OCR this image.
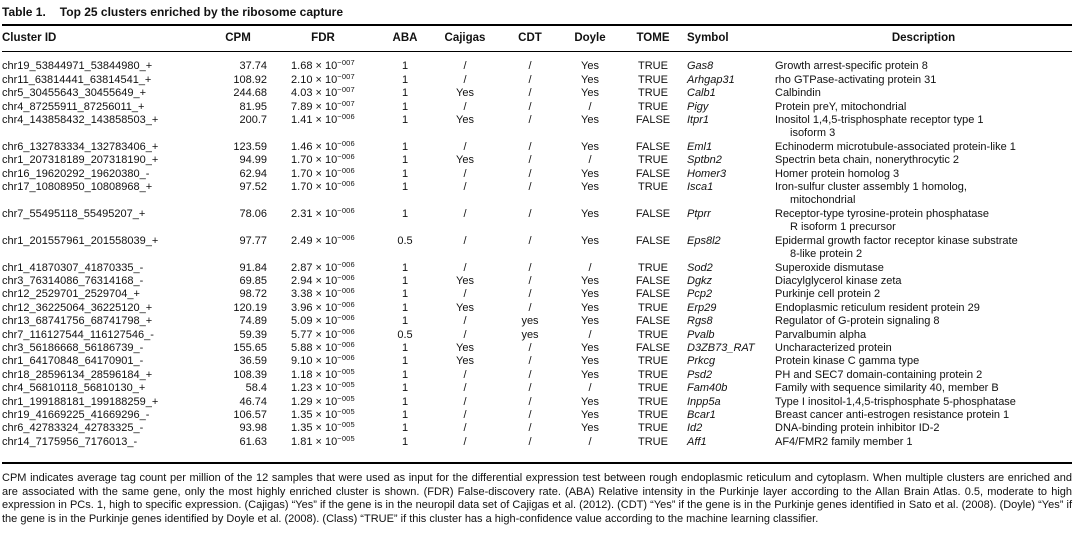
Table 1. Top 25 clusters enriched by the ribosome capture
Cluster ID	CPM	FDR	ABA	Cajigas	CDT	Doyle	TOME	Symbol	Description
chr19_53844971_53844980_+	37.74	$1.68 \times 10^{-007}$	1	/	/	Yes	TRUE	Gas8	Growth arrest-specific protein 8
chr11_63814441_63814541_+	108.92	$2.10 \times 10^{-007}$	1	/	/	Yes	TRUE	Arhgap31	rho GTPase-activating protein 31
chr5_30455643_30455649_+	244.68	$4.03 \times 10^{-007}$	1	Yes	/	Yes	TRUE	Calb1	Calbindin
chr4_87255911_87256011_+	81.95	$7.89 \times 10^{-007}$	1	/	/	/	TRUE	Pigy	Protein preY, mitochondrial
chr4_143858432_143858503_+	200.7	$1.41 \times 10^{-006}$	1	Yes	/	Yes	FALSE	Itpr1	Inositol 1,4,5-trisphosphate receptor type 1
isoform 3
chr6_132783334_132783406_+	123.59	$1.46 \times 10^{-006}$	1	/	/	Yes	FALSE	Eml1	Echinoderm microtubule-associated protein-like 1
chr1_207318189_207318190_+	94.99	$1.70 \times 10^{-006}$	1	Yes	/	/	TRUE	Sptbn2	Spectrin beta chain, nonerythrocytic 2
chr16_19620292_19620380_-	62.94	$1.70 \times 10^{-006}$	1	/	/	Yes	FALSE	Homer3	Homer protein homolog 3
chr17_10808950_10808968_+	97.52	$1.70 \times 10^{-006}$	1	/	/	Yes	TRUE	Isca1	Iron-sulfur cluster assembly 1 homolog,
mitochondrial
chr7_55495118_55495207_+	78.06	$2.31 \times 10^{-006}$	1	/	/	Yes	FALSE	Ptprr	Receptor-type tyrosine-protein phosphatase
R isoform 1 precursor
chr1_201557961_201558039_+	97.77	$2.49 \times 10^{-006}$	0.5	/	/	Yes	FALSE	Eps8l2	Epidermal growth factor receptor kinase substrate
8-like protein 2
chr1_41870307_41870335_-	91.84	$2.87 \times 10^{-006}$	1	/	/	/	TRUE	Sod2	Superoxide dismutase
chr3_76314086_76314168_-	69.85	$2.94 \times 10^{-006}$	1	Yes	/	Yes	FALSE	Dgkz	Diacylglycerol kinase zeta
chr12_2529701_2529704_+	98.72	$3.38 \times 10^{-006}$	1	/	/	Yes	FALSE	Pcp2	Purkinje cell protein 2
chr12_36225064_36225120_+	120.19	$3.96 \times 10^{-006}$	1	Yes	/	Yes	TRUE	Erp29	Endoplasmic reticulum resident protein 29
chr13_68741756_68741798_+	74.89	$5.09 \times 10^{-006}$	1	/	yes	Yes	FALSE	Rgs8	Regulator of G-protein signaling 8
chr7_116127544_116127546_-	59.39	$5.77 \times 10^{-006}$	0.5	/	yes	/	TRUE	Pvalb	Parvalbumin alpha
chr3_56186668_56186739_-	155.65	$5.88 \times 10^{-006}$	1	Yes	/	Yes	FALSE	D3ZB73_RAT	Uncharacterized protein
chr1_64170848_64170901_-	36.59	$9.10 \times 10^{-006}$	1	Yes	/	Yes	TRUE	Prkcg	Protein kinase C gamma type
chr18_28596134_28596184_+	108.39	$1.18 \times 10^{-005}$	1	/	/	Yes	TRUE	Psd2	PH and SEC7 domain-containing protein 2
chr4_56810118_56810130_+	58.4	$1.23 \times 10^{-005}$	1	/	/	/	TRUE	Fam40b	Family with sequence similarity 40, member B
chr1_199188181_199188259_+	46.74	$1.29 \times 10^{-005}$	1	/	/	Yes	TRUE	Inpp5a	Type I inositol-1,4,5-trisphosphate 5-phosphatase
chr19_41669225_41669296_-	106.57	$1.35 \times 10^{-005}$	1	/	/	Yes	TRUE	Bcar1	Breast cancer anti-estrogen resistance protein 1
chr6_42783324_42783325_-	93.98	$1.35 \times 10^{-005}$	1	/	/	Yes	TRUE	Id2	DNA-binding protein inhibitor ID-2
chr14_7175956_7176013_-	61.63	$1.81 \times 10^{-005}$	1	/	/	/	TRUE	Aff1	AF4/FMR2 family member 1
CPM indicates average tag count per million of the 12 samples that were used as input for the differential expression test between rough endoplasmic reticulum and cytoplasm. When multiple clusters are enriched and are associated with the same gene, only the most highly enriched cluster is shown. (FDR) False-discovery rate. (ABA) Relative intensity in the Purkinje layer according to the Allan Brain Atlas. 0.5, moderate to high expression in PCs. 1, high to specific expression. (Cajigas) “Yes” if the gene is in the neuropil data set of Cajigas et al. (2012). (CDT) “Yes” if the gene is in the Purkinje genes identified in Sato et al. (2008). (Doyle) “Yes” if the gene is in the Purkinje genes identified by Doyle et al. (2008). (Class) “TRUE” if this cluster has a high-confidence value according to the machine learning classifier.
